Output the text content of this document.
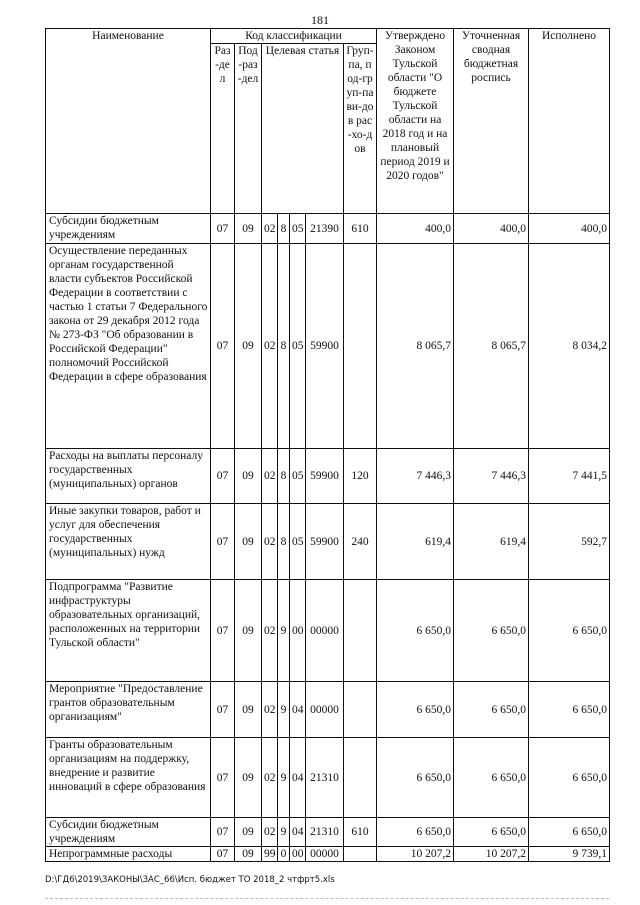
181
Наименование	Код классификации							Утверждено Законом Тульской области "О бюджете Тульской области на 2018 год и на плановый период 2019 и 2020 годов"	Уточненная сводная бюджетная роспись	Исполнено
	Раз-дел	Под-раз-дел	Целевая статья				Груп-па, под-груп-па ви-дов рас-хо-дов			
Субсидии бюджетным учреждениям	07	09	02	8	05	21390	610	400,0	400,0	400,0
Осуществление переданных органам государственной власти субъектов Российской Федерации в соответствии с частью 1 статьи 7 Федерального закона от 29 декабря 2012 года № 273-ФЗ "Об образовании в Российской Федерации" полномочий Российской Федерации в сфере образования	07	09	02	8	05	59900		8 065,7	8 065,7	8 034,2
Расходы на выплаты персоналу государственных (муниципальных) органов	07	09	02	8	05	59900	120	7 446,3	7 446,3	7 441,5
Иные закупки товаров, работ и услуг для обеспечения государственных (муниципальных) нужд	07	09	02	8	05	59900	240	619,4	619,4	592,7
Подпрограмма "Развитие инфраструктуры образовательных организаций, расположенных на территории Тульской области"	07	09	02	9	00	00000		6 650,0	6 650,0	6 650,0
Мероприятие "Предоставление грантов образовательным организациям"	07	09	02	9	04	00000		6 650,0	6 650,0	6 650,0
Гранты образовательным организациям на поддержку, внедрение и развитие инноваций в сфере образования	07	09	02	9	04	21310		6 650,0	6 650,0	6 650,0
Субсидии бюджетным учреждениям	07	09	02	9	04	21310	610	6 650,0	6 650,0	6 650,0
Непрограммные расходы	07	09	99	0	00	00000		10 207,2	10 207,2	9 739,1
D:\ГД6\2019\ЗАКОНЫ\ЗАС_66\Исп. бюджет ТО 2018_2 чтфрт5.xls
